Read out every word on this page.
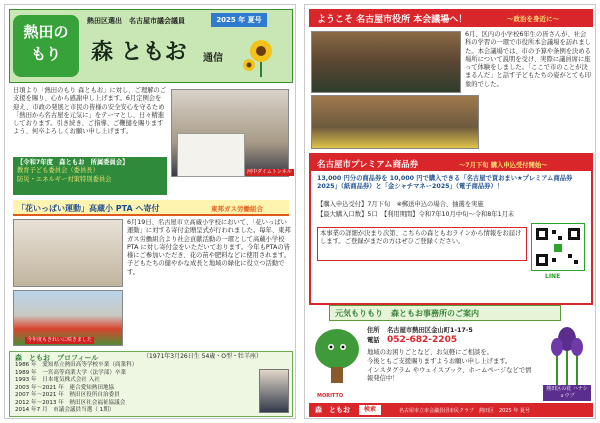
熱田の
もり
熱田区選出　名古屋市議会議員	2025 年 夏号
森 ともお 通信
日頃より「熱田のもり 森ともお」に対し、ご理解のご支援を賜り、心から感謝申し上げます。6月定例会を迎え、市政の発展と市民の皆様の安全安心を守るため「熱田から名古屋を元気に」をテーマとし、日々精進しております。引き続き、ご指導、ご鞭撻を賜りますよう、何卒よろしくお願い申し上げます。
河中ダイムトンネル
【令和7年度　森ともお　所属委員会】
教育子ども委員会（委員長）
防災・エネルギー対策特別委員会
「花いっぱい運動」高蔵小 PTA へ寄付	東邦ガス労働組合
6月19日、名古屋市立高蔵小学校において、「花いっぱい運動」に対する寄付金贈呈式が行われました。毎年、東邦ガス労働組合より社会貢献活動の一環として高蔵小学校 PTA に対し寄付金をいただいております。今年もPTAの皆様にご参加いただき、花の苗や肥料などに使用されます。子どもたちの健やかな成長と地域の緑化に役立つ活動です。
今年度もきれいに咲きました
森　ともお　プロフィール	（1971年3月26日生 54歳・O型・牡羊座）
1986 年　愛知県立熱田高等学校卒業（商業科）
1989 年　一宮高等商業大学（法学部）卒業
1993 年　日本電気株式会社 入社
2003 年〜2021 年　連合愛知熱田地協
2007 年〜2021 年　熱田区役所自治委員
2012 年〜2013 年　熱田区社会福祉協議会
2014 年7 月　市議会議員当選（ 1期）
ようこそ 名古屋市役所 本会議場へ！	〜政治を身近に〜
6月、区内の小学校6年生の皆さんが、社会科の学習の一環で市役所本会議場を訪れました。本会議場では、市の予算や条例を決める場所について説明を受け、実際に議員席に座って体験をしました。「ここで市のことが決まるんだ」と話す子どもたちの姿がとても印象的でした。
名古屋市プレミアム商品券	〜7月下旬 購入申込受付開始〜
13,000 円分の商品券を 10,000 円で購入できる「名古屋で買おまい★プレミアム商品券 2025」（紙商品券）と「金シャチマネー2025」（電子商品券）！
【購入申込受付】7月下旬　※郵送申込の場合、抽選を実施
【最大購入口数】5口　【利用期間】令和7年10月中旬〜令和8年1月末
本事業の詳細が決まり次第、こちらの森ともおラインから情報をお届けします。ご登録がまだの方はぜひご登録ください。
LINE
元気もりもり　森ともお事務所のご案内
MORITTO
住所 名古屋市熱田区金山町1-17-5
電話 052-682-2205
地域のお困りごとなど、お気軽にご相談を。
今後ともご支援賜りますようお願い申し上げます。
インスタグラム やウェイスブック、ホームページなどで情報発信中！
熱田区の花 ハナショウブ
森　ともお	検索	名古屋市立市会議員団市民クラブ　熱田区　2025 年 夏号
